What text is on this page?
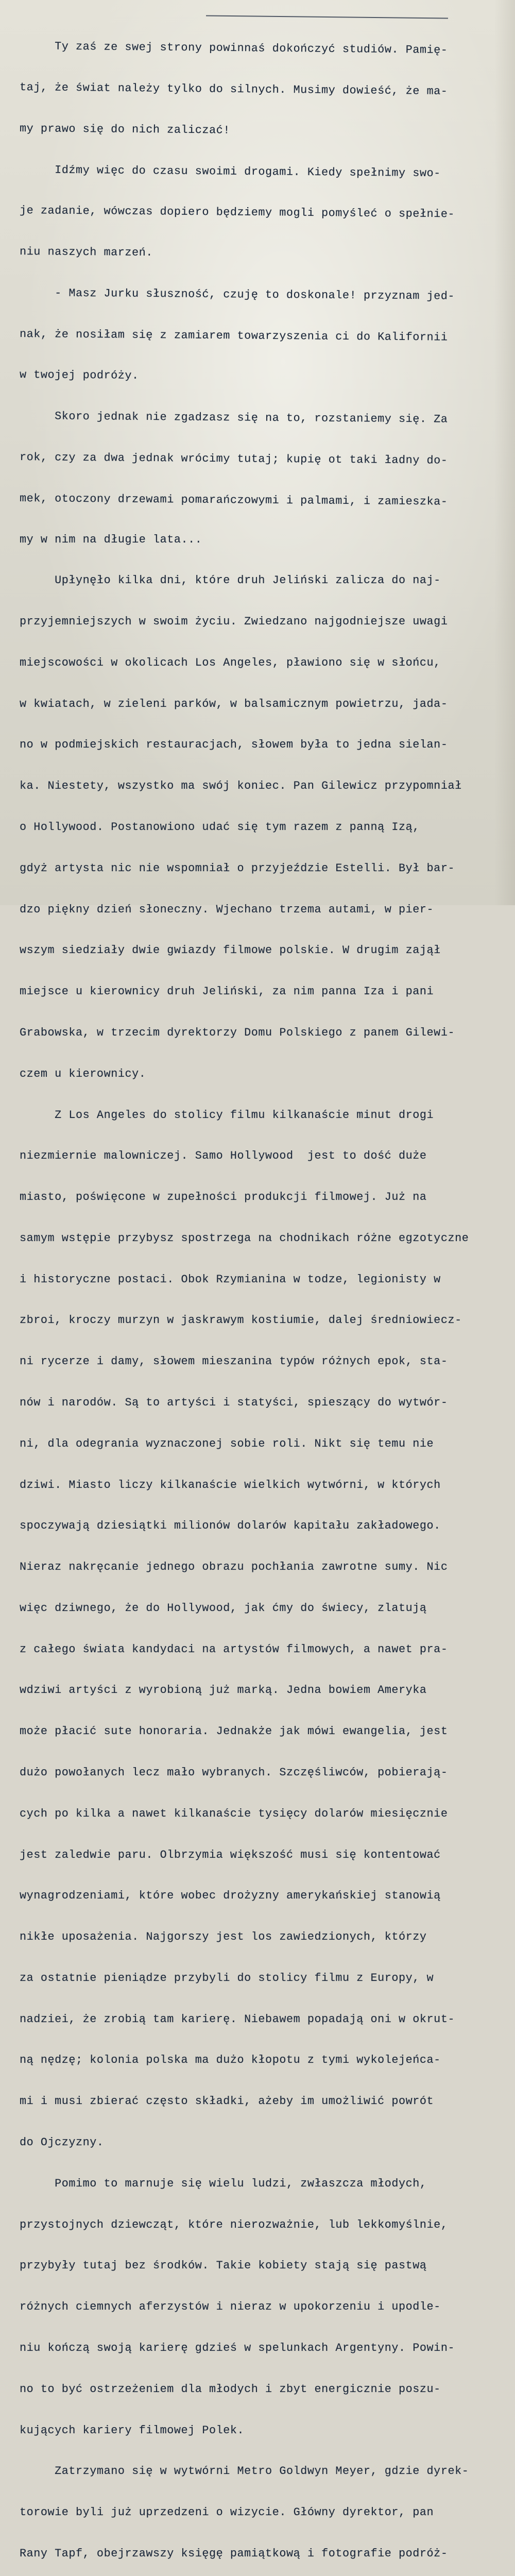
Ty zaś ze swej strony powinnaś dokończyć studiów. Pamię-

taj, że świat należy tylko do silnych. Musimy dowieść, że ma-

my prawo się do nich zaliczać!

Idźmy więc do czasu swoimi drogami. Kiedy spełnimy swo-

je zadanie, wówczas dopiero będziemy mogli pomyśleć o spełnie-

niu naszych marzeń.

- Masz Jurku słuszność, czuję to doskonale! przyznam jed-

nak, że nosiłam się z zamiarem towarzyszenia ci do Kalifornii

w twojej podróży.

Skoro jednak nie zgadzasz się na to, rozstaniemy się. Za

rok, czy za dwa jednak wrócimy tutaj; kupię ot taki ładny do-

mek, otoczony drzewami pomarańczowymi i palmami, i zamieszka-

my w nim na długie lata...

Upłynęło kilka dni, które druh Jeliński zalicza do naj-

przyjemniejszych w swoim życiu. Zwiedzano najgodniejsze uwagi

miejscowości w okolicach Los Angeles, pławiono się w słońcu,

w kwiatach, w zieleni parków, w balsamicznym powietrzu, jada-

no w podmiejskich restauracjach, słowem była to jedna sielan-

ka. Niestety, wszystko ma swój koniec. Pan Gilewicz przypomniał

o Hollywood. Postanowiono udać się tym razem z panną Izą,

gdyż artysta nic nie wspomniał o przyjeździe Estelli. Był bar-

dzo piękny dzień słoneczny. Wjechano trzema autami, w pier-

wszym siedziały dwie gwiazdy filmowe polskie. W drugim zajął

miejsce u kierownicy druh Jeliński, za nim panna Iza i pani

Grabowska, w trzecim dyrektorzy Domu Polskiego z panem Gilewi-

czem u kierownicy.

Z Los Angeles do stolicy filmu kilkanaście minut drogi

niezmiernie malowniczej. Samo Hollywood  jest to dość duże

miasto, poświęcone w zupełności produkcji filmowej. Już na

samym wstępie przybysz spostrzega na chodnikach różne egzotyczne

i historyczne postaci. Obok Rzymianina w todze, legionisty w

zbroi, kroczy murzyn w jaskrawym kostiumie, dalej średniowiecz-

ni rycerze i damy, słowem mieszanina typów różnych epok, sta-

nów i narodów. Są to artyści i statyści, spieszący do wytwór-

ni, dla odegrania wyznaczonej sobie roli. Nikt się temu nie

dziwi. Miasto liczy kilkanaście wielkich wytwórni, w których

spoczywają dziesiątki milionów dolarów kapitału zakładowego.

Nieraz nakręcanie jednego obrazu pochłania zawrotne sumy. Nic

więc dziwnego, że do Hollywood, jak ćmy do świecy, zlatują

z całego świata kandydaci na artystów filmowych, a nawet pra-

wdziwi artyści z wyrobioną już marką. Jedna bowiem Ameryka

może płacić sute honoraria. Jednakże jak mówi ewangelia, jest

dużo powołanych lecz mało wybranych. Szczęśliwców, pobierają-

cych po kilka a nawet kilkanaście tysięcy dolarów miesięcznie

jest zaledwie paru. Olbrzymia większość musi się kontentować

wynagrodzeniami, które wobec drożyzny amerykańskiej stanowią

nikłe uposażenia. Najgorszy jest los zawiedzionych, którzy

za ostatnie pieniądze przybyli do stolicy filmu z Europy, w

nadziei, że zrobią tam karierę. Niebawem popadają oni w okrut-

ną nędzę; kolonia polska ma dużo kłopotu z tymi wykolejeńca-

mi i musi zbierać często składki, ażeby im umożliwić powrót

do Ojczyzny.

Pomimo to marnuje się wielu ludzi, zwłaszcza młodych,

przystojnych dziewcząt, które nierozważnie, lub lekkomyślnie,

przybyły tutaj bez środków. Takie kobiety stają się pastwą

różnych ciemnych aferzystów i nieraz w upokorzeniu i upodle-

niu kończą swoją karierę gdzieś w spelunkach Argentyny. Powin-

no to być ostrzeżeniem dla młodych i zbyt energicznie poszu-

kujących kariery filmowej Polek.

Zatrzymano się w wytwórni Metro Goldwyn Meyer, gdzie dyrek-

torowie byli już uprzedzeni o wizycie. Główny dyrektor, pan

Rany Tapf, obejrzawszy księgę pamiątkową i fotografie podróż-
